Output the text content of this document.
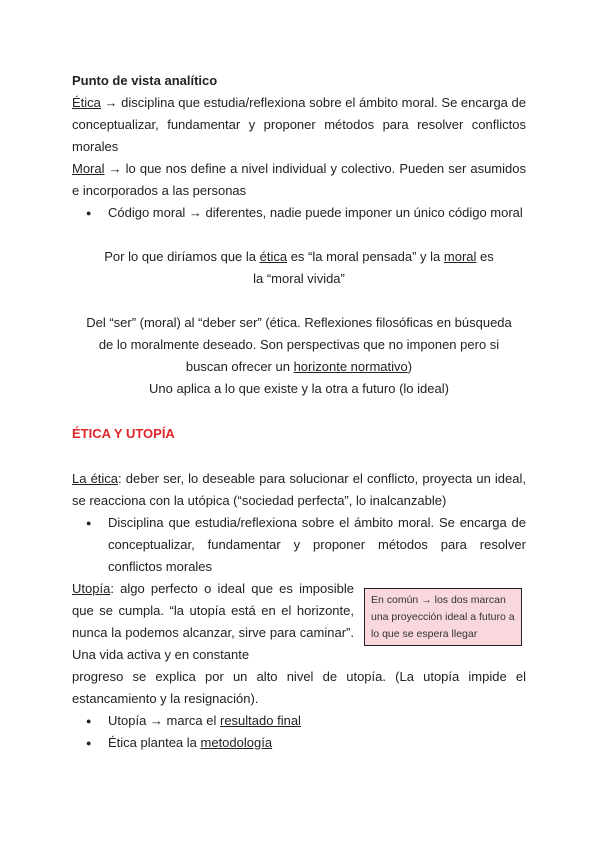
Punto de vista analítico

Ética → disciplina que estudia/reflexiona sobre el ámbito moral. Se encarga de conceptualizar, fundamentar y proponer métodos para resolver conflictos morales

Moral → lo que nos define a nivel individual y colectivo. Pueden ser asumidos e incorporados a las personas

● Código moral → diferentes, nadie puede imponer un único código moral

Por lo que diríamos que la ética es “la moral pensada” y la moral es la “moral vivida”

Del “ser” (moral) al “deber ser” (ética. Reflexiones filosóficas en búsqueda de lo moralmente deseado. Son perspectivas que no imponen pero si buscan ofrecer un horizonte normativo)

Uno aplica a lo que existe y la otra a futuro (lo ideal)

ÉTICA Y UTOPÍA

La ética: deber ser, lo deseable para solucionar el conflicto, proyecta un ideal, se reacciona con la utópica (“sociedad perfecta”, lo inalcanzable)

● Disciplina que estudia/reflexiona sobre el ámbito moral. Se encarga de conceptualizar, fundamentar y proponer métodos para resolver conflictos morales

Utopía: algo perfecto o ideal que es imposible que se cumpla. “la utopía está en el horizonte, nunca la podemos alcanzar, sirve para caminar”. Una vida activa y en constante

En común → los dos marcan una proyección ideal a futuro a lo que se espera llegar

progreso se explica por un alto nivel de utopía. (La utopía impide el estancamiento y la resignación).

● Utopía → marca el resultado final
● Ética plantea la metodología
